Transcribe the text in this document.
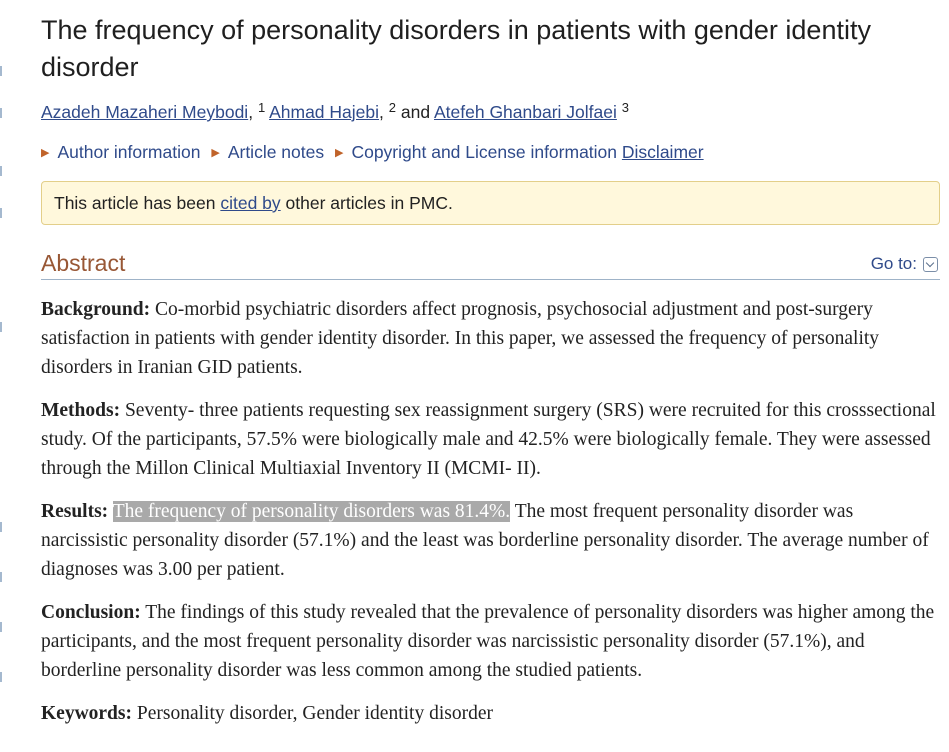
The frequency of personality disorders in patients with gender identity disorder
Azadeh Mazaheri Meybodi, $^1$ Ahmad Hajebi, $^2$ and Atefeh Ghanbari Jolfaei $^3$
▶ Author information ▶ Article notes ▶ Copyright and License information Disclaimer
This article has been cited by other articles in PMC.
Abstract	Go to:

Background: Co-morbid psychiatric disorders affect prognosis, psychosocial adjustment and post-surgery satisfaction in patients with gender identity disorder. In this paper, we assessed the frequency of personality disorders in Iranian GID patients.

Methods: Seventy- three patients requesting sex reassignment surgery (SRS) were recruited for this crosssectional study. Of the participants, 57.5% were biologically male and 42.5% were biologically female. They were assessed through the Millon Clinical Multiaxial Inventory II (MCMI- II).

Results: The frequency of personality disorders was 81.4%. The most frequent personality disorder was narcissistic personality disorder (57.1%) and the least was borderline personality disorder. The average number of diagnoses was 3.00 per patient.

Conclusion: The findings of this study revealed that the prevalence of personality disorders was higher among the participants, and the most frequent personality disorder was narcissistic personality disorder (57.1%), and borderline personality disorder was less common among the studied patients.

Keywords: Personality disorder, Gender identity disorder
